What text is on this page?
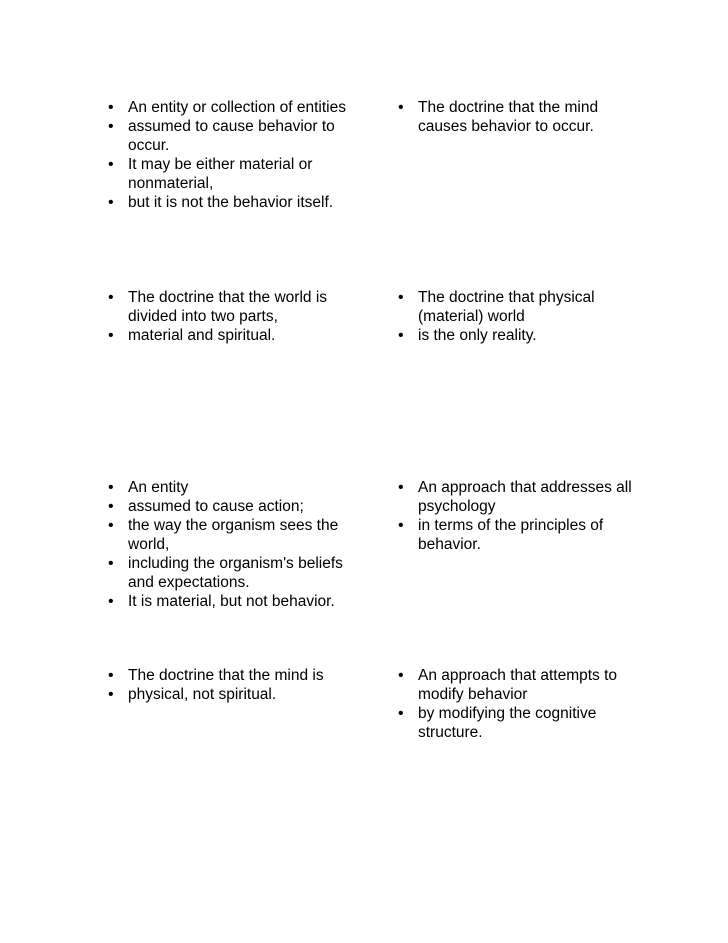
• An entity or collection of entities
• assumed to cause behavior to occur.
• It may be either material or nonmaterial,
• but it is not the behavior itself.
• The doctrine that the mind causes behavior to occur.
• The doctrine that the world is divided into two parts,
• material and spiritual.
• The doctrine that physical (material) world
• is the only reality.
• An entity
• assumed to cause action;
• the way the organism sees the world,
• including the organism's beliefs and expectations.
• It is material, but not behavior.
• An approach that addresses all psychology
• in terms of the principles of behavior.
• The doctrine that the mind is
• physical, not spiritual.
• An approach that attempts to modify behavior
• by modifying the cognitive structure.
